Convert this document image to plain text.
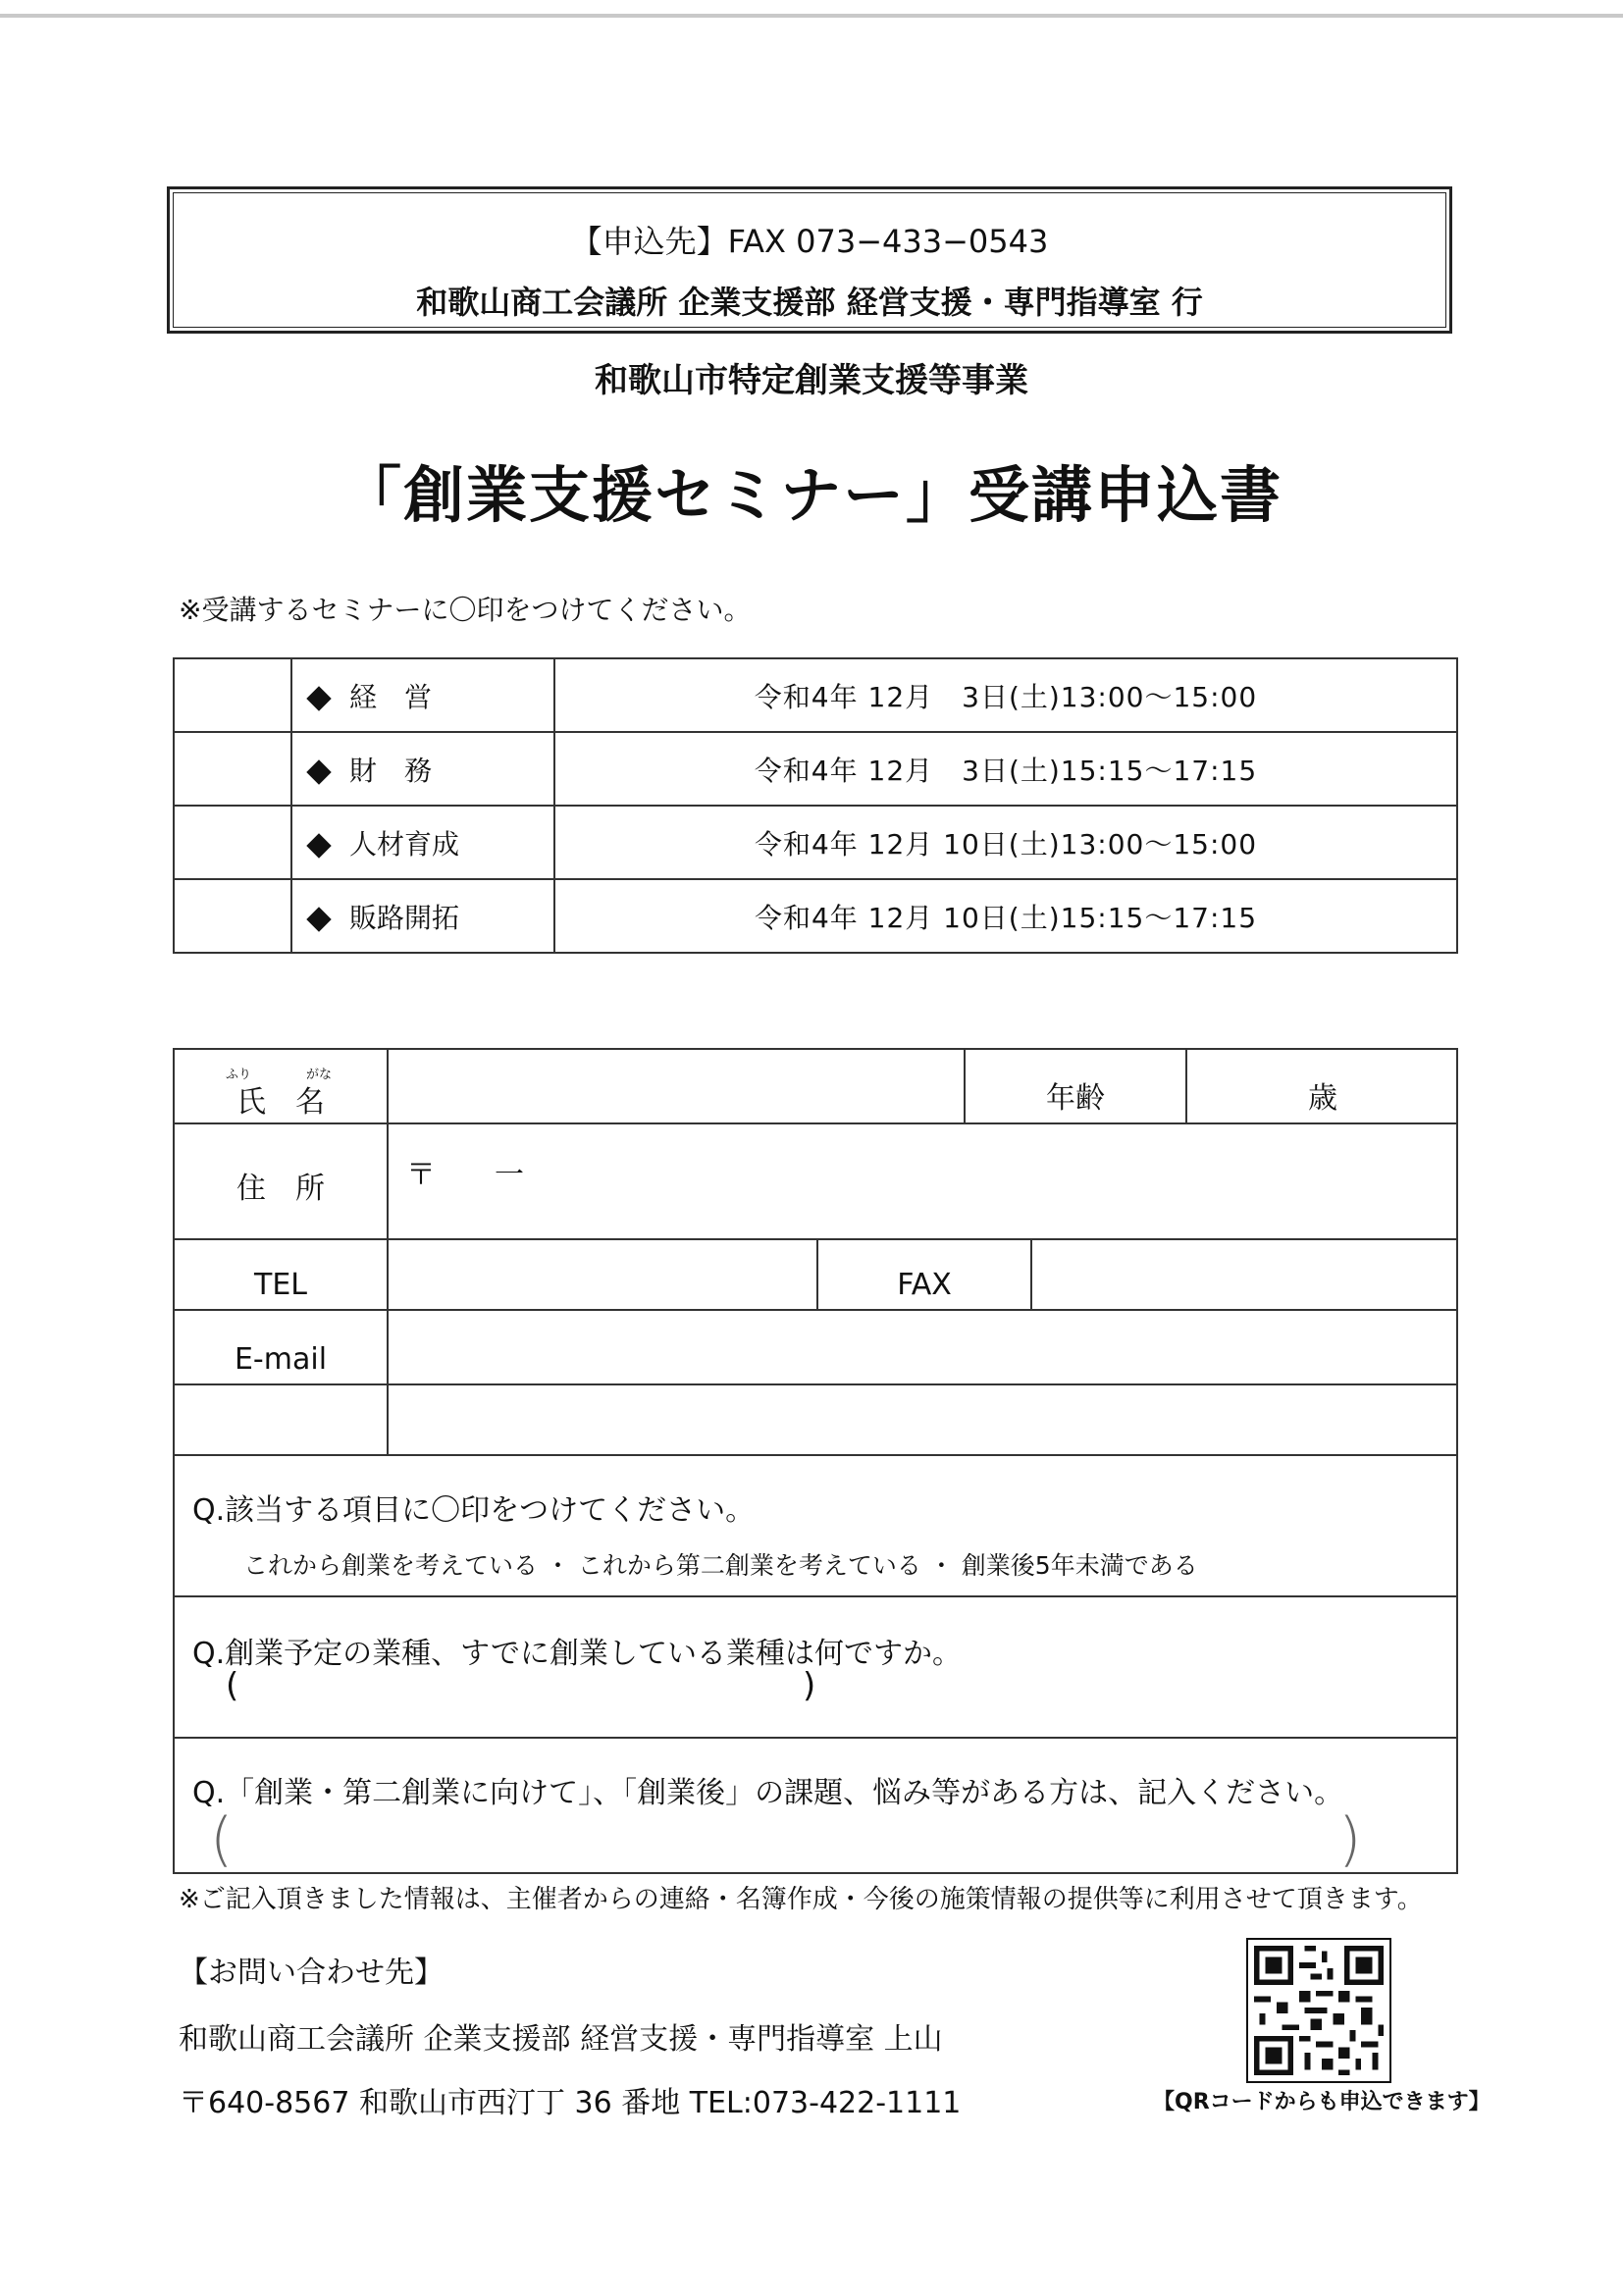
【申込先】FAX 073−433−0543
和歌山商工会議所 企業支援部 経営支援・専門指導室 行
和歌山市特定創業支援等事業
「創業支援セミナー」受講申込書
※受講するセミナーに〇印をつけてください。
	経　営	令和4年 12月　3日(土)13:00〜15:00
	財　務	令和4年 12月　3日(土)15:15〜17:15
	人材育成	令和4年 12月 10日(土)13:00〜15:00
	販路開拓	令和4年 12月 10日(土)15:15〜17:15
ふり	がな
氏　名	年齢	歳
住　所	〒　　一
TEL	FAX
E-mail
Q.該当する項目に〇印をつけてください。
これから創業を考えている ・ これから第二創業を考えている ・ 創業後5年未満である
Q.創業予定の業種、すでに創業している業種は何ですか。
(	)
Q.「創業・第二創業に向けて」、「創業後」の課題、悩み等がある方は、記入ください。
(	)
※ご記入頂きました情報は、主催者からの連絡・名簿作成・今後の施策情報の提供等に利用させて頂きます。
【お問い合わせ先】
和歌山商工会議所 企業支援部 経営支援・専門指導室 上山
〒640-8567 和歌山市西汀丁 36 番地 TEL:073-422-1111	【QRコードからも申込できます】
